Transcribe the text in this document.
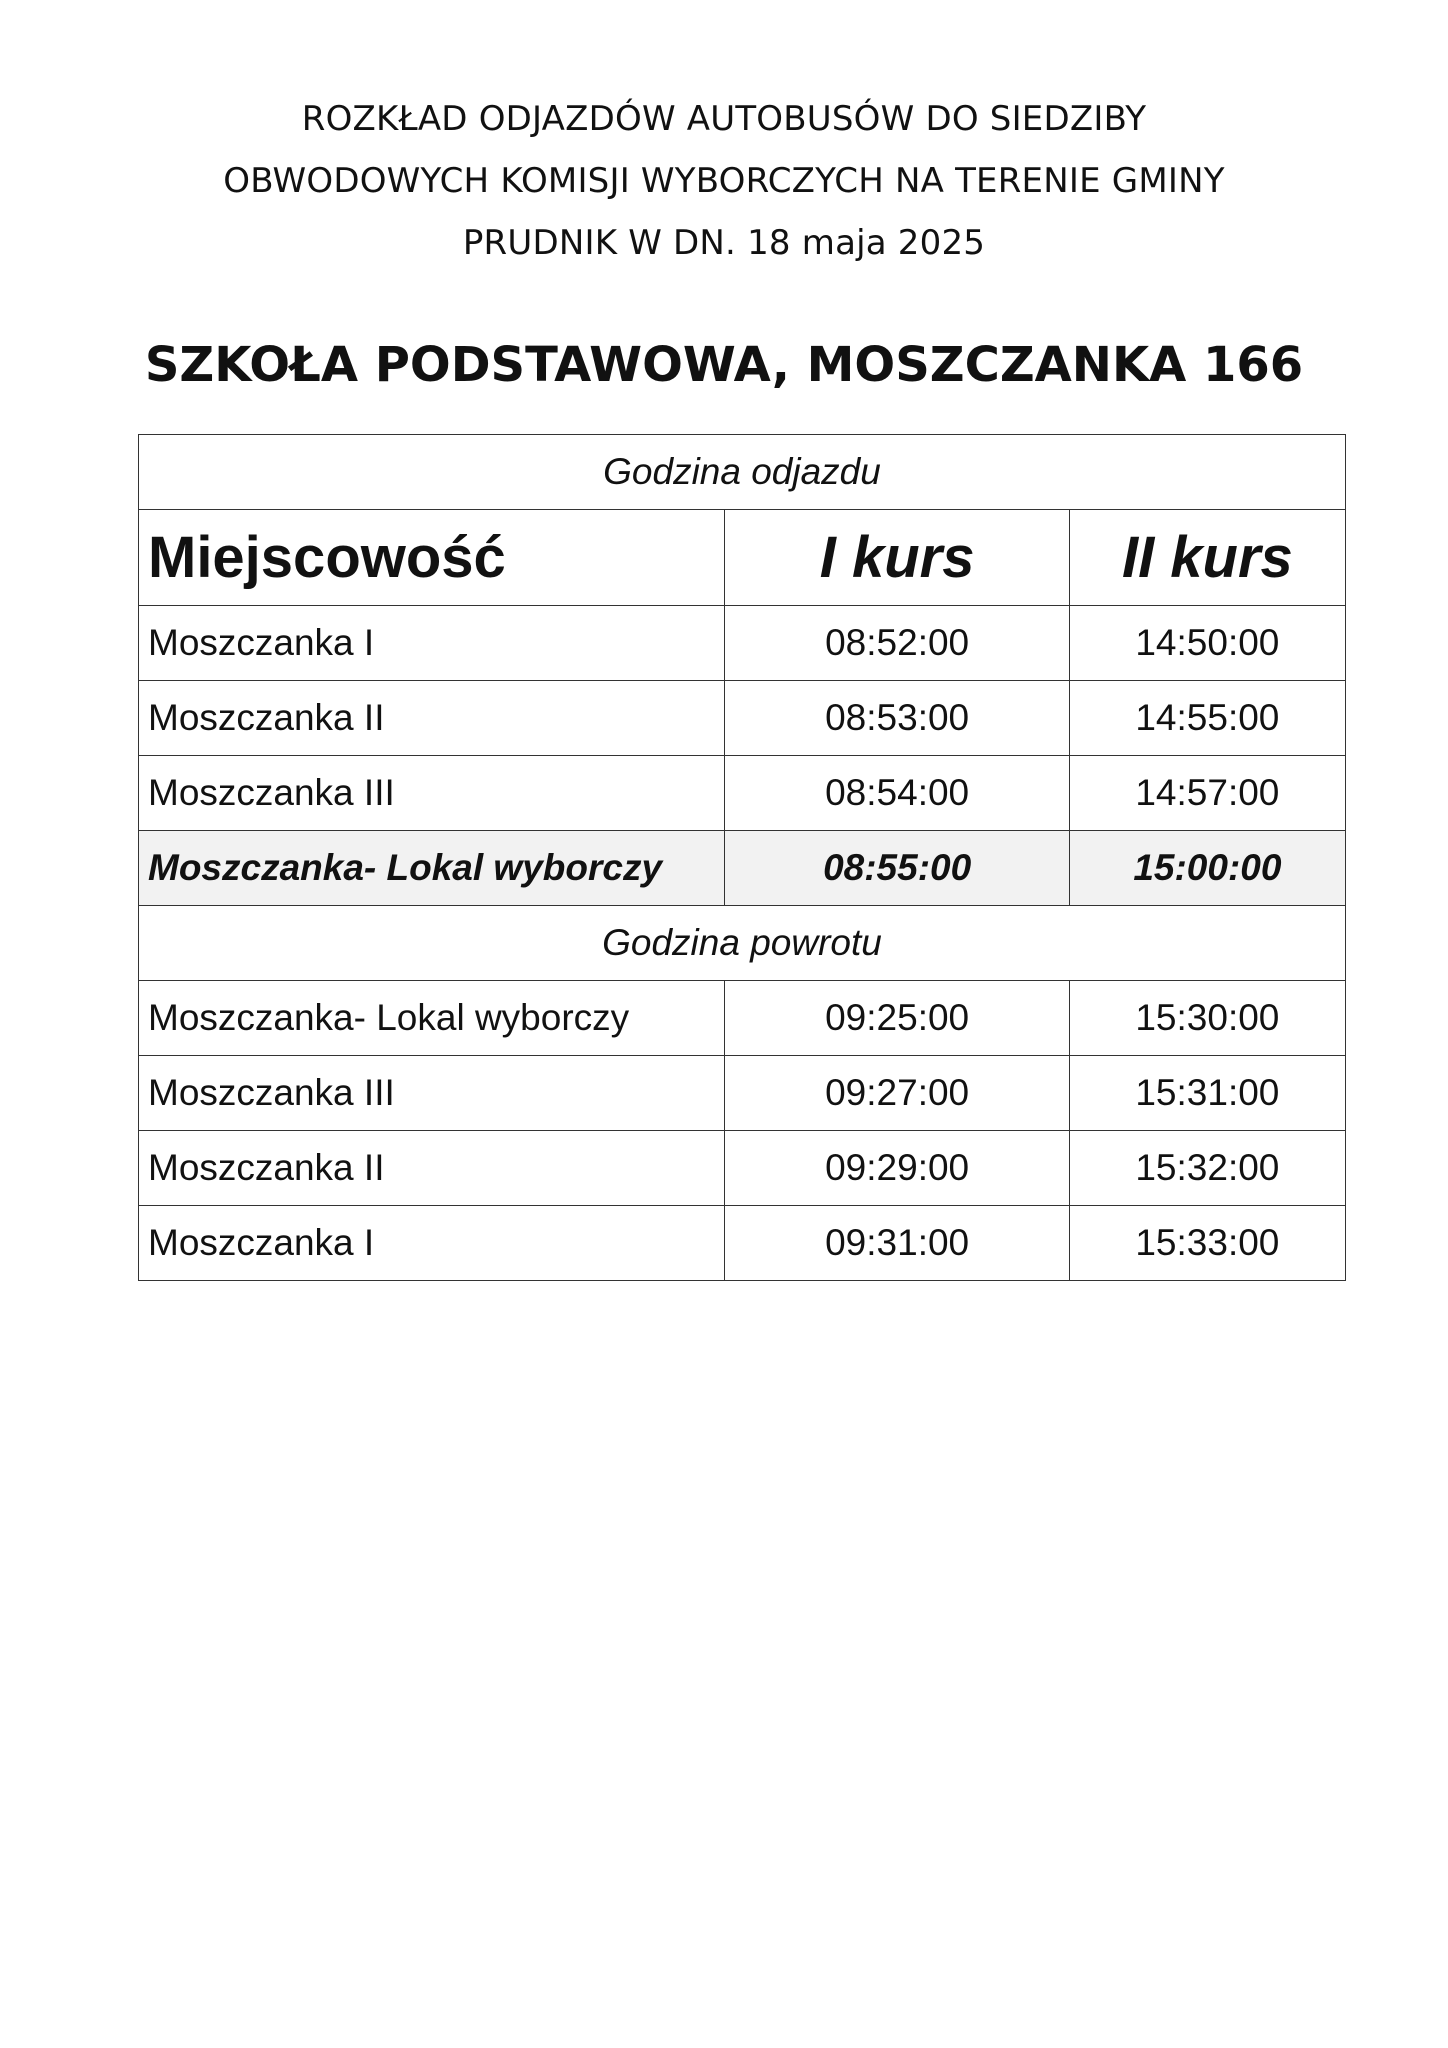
ROZKŁAD ODJAZDÓW AUTOBUSÓW DO SIEDZIBY
OBWODOWYCH KOMISJI WYBORCZYCH NA TERENIE GMINY
PRUDNIK W DN. 18 maja 2025
SZKOŁA PODSTAWOWA, MOSZCZANKA 166
Godzina odjazdu		
Miejscowość	I kurs	II kurs
Moszczanka I	08:52:00	14:50:00
Moszczanka II	08:53:00	14:55:00
Moszczanka III	08:54:00	14:57:00
Moszczanka- Lokal wyborczy	08:55:00	15:00:00
Godzina powrotu		
Moszczanka- Lokal wyborczy	09:25:00	15:30:00
Moszczanka III	09:27:00	15:31:00
Moszczanka II	09:29:00	15:32:00
Moszczanka I	09:31:00	15:33:00
